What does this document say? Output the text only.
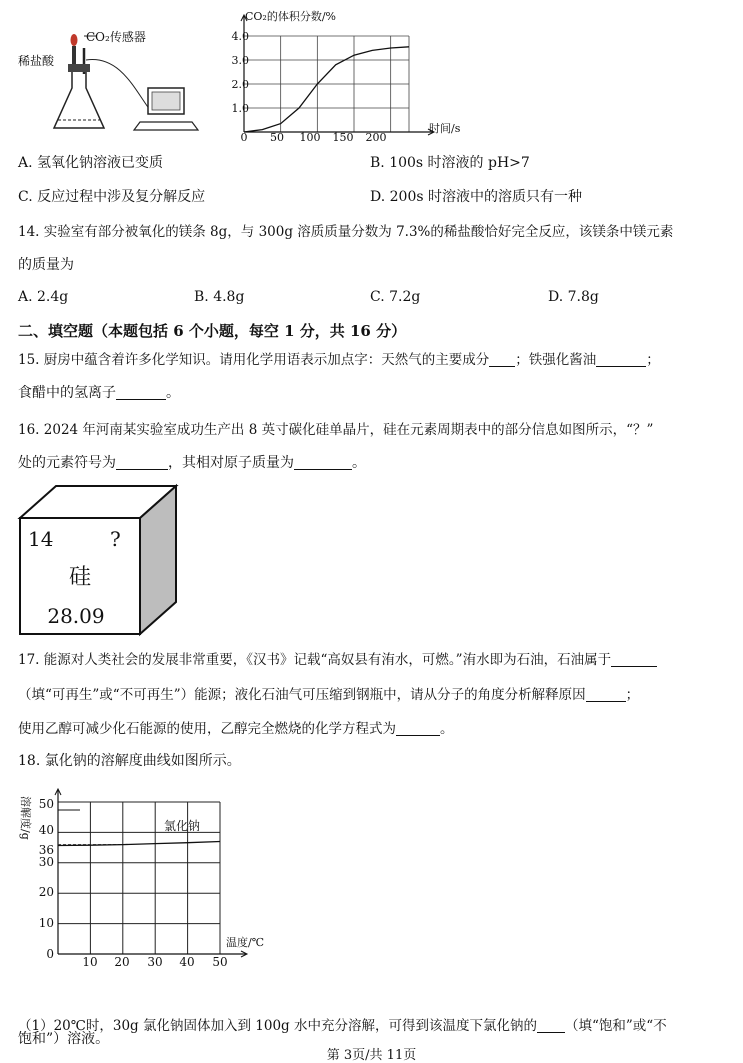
稀盐酸
CO₂传感器
CO₂的体积分数/%
时间/s
4.0
3.0
2.0
1.0
0 50 100 150 200
A. 氢氧化钠溶液已变质	B. 100s 时溶液的 pH>7
C. 反应过程中涉及复分解反应	D. 200s 时溶液中的溶质只有一种
14. 实验室有部分被氧化的镁条 8g，与 300g 溶质质量分数为 7.3%的稀盐酸恰好完全反应，该镁条中镁元素
的质量为
A. 2.4g	B. 4.8g	C. 7.2g	D. 7.8g
二、填空题（本题包括 6 个小题，每空 1 分，共 16 分）
15. 厨房中蕴含着许多化学知识。请用化学用语表示加点字：天然气的主要成分 ；铁强化酱油	；
食醋中的氢离子	。
16. 2024 年河南某实验室成功生产出 8 英寸碳化硅单晶片，硅在元素周期表中的部分信息如图所示，“？”
处的元素符号为	，其相对原子质量为	。
14	?
硅
28.09
17. 能源对人类社会的发展非常重要，《汉书》记载“高奴县有洧水，可燃。”洧水即为石油，石油属于
（填“可再生”或“不可再生”）能源；液化石油气可压缩到钢瓶中，请从分子的角度分析解释原因	；
使用乙醇可减少化石能源的使用，乙醇完全燃烧的化学方程式为	。
18. 氯化钠的溶解度曲线如图所示。
溶解度/g
温度/℃
氯化钠
50
40
36
30
20
10
0
10 20 30 40 50
（1）20℃时，30g 氯化钠固体加入到 100g 水中充分溶解，可得到该温度下氯化钠的 （填“饱和”或“不
饱和”）溶液。
第 3页/共 11页
